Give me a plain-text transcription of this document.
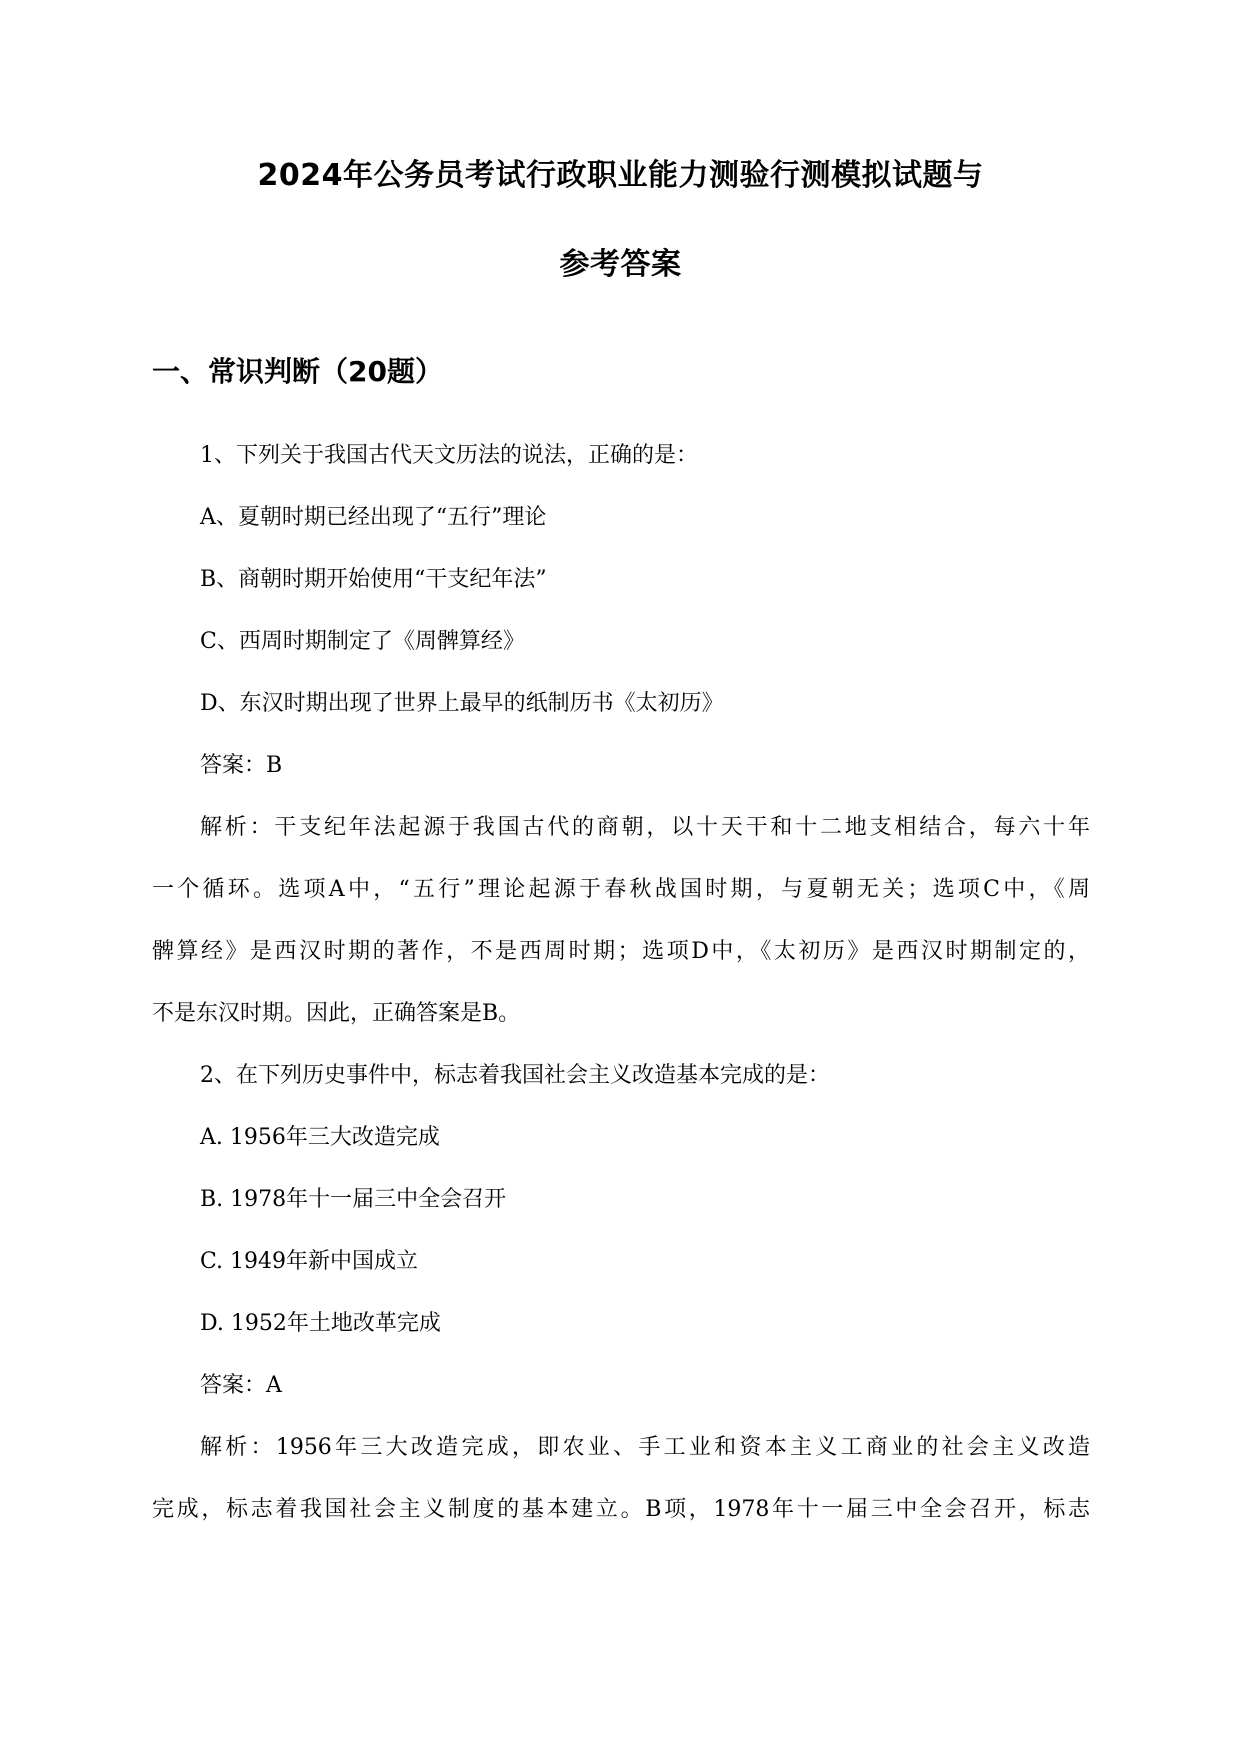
2024年公务员考试行政职业能力测验行测模拟试题与
参考答案
一、常识判断（20题）
1、下列关于我国古代天文历法的说法，正确的是：
A、夏朝时期已经出现了“五行”理论
B、商朝时期开始使用“干支纪年法”
C、西周时期制定了《周髀算经》
D、东汉时期出现了世界上最早的纸制历书《太初历》
答案：B
解析：干支纪年法起源于我国古代的商朝，以十天干和十二地支相结合，每六十年
一个循环。选项A中，“五行”理论起源于春秋战国时期，与夏朝无关；选项C中，《周
髀算经》是西汉时期的著作，不是西周时期；选项D中，《太初历》是西汉时期制定的，
不是东汉时期。因此，正确答案是B。
2、在下列历史事件中，标志着我国社会主义改造基本完成的是：
A. 1956年三大改造完成
B. 1978年十一届三中全会召开
C. 1949年新中国成立
D. 1952年土地改革完成
答案：A
解析：1956年三大改造完成，即农业、手工业和资本主义工商业的社会主义改造
完成，标志着我国社会主义制度的基本建立。B项，1978年十一届三中全会召开，标志
